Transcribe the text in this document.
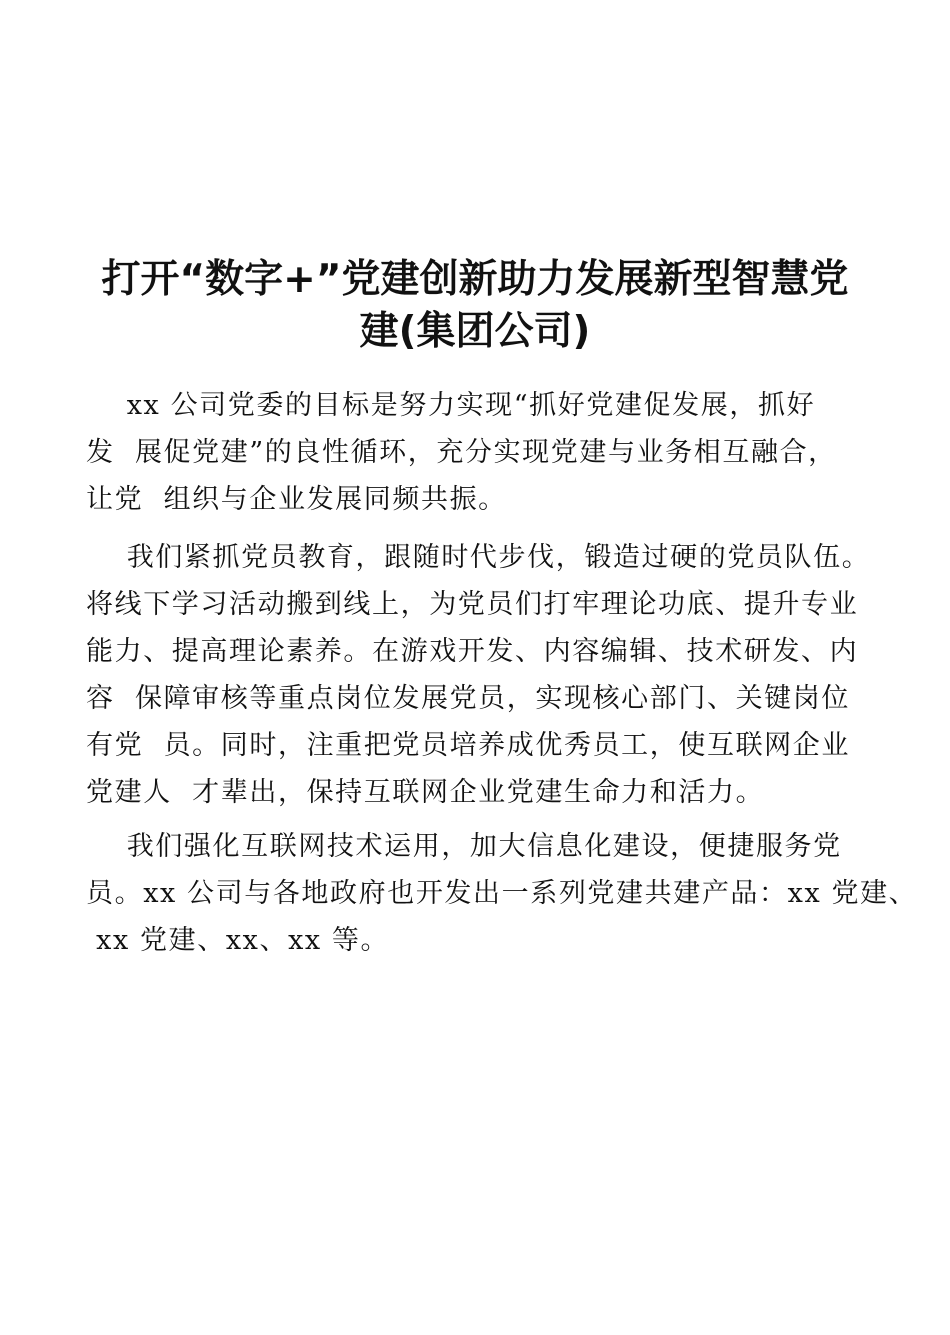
打开“数字+”党建创新助力发展新型智慧党
建(集团公司)

xx 公司党委的目标是努力实现“抓好党建促发展，抓好

发  展促党建”的良性循环，充分实现党建与业务相互融合，

让党  组织与企业发展同频共振。

我们紧抓党员教育，跟随时代步伐，锻造过硬的党员队伍。

将线下学习活动搬到线上，为党员们打牢理论功底、提升专业

能力、提高理论素养。在游戏开发、内容编辑、技术研发、内

容  保障审核等重点岗位发展党员，实现核心部门、关键岗位

有党  员。同时，注重把党员培养成优秀员工，使互联网企业

党建人  才辈出，保持互联网企业党建生命力和活力。

我们强化互联网技术运用，加大信息化建设，便捷服务党

员。xx 公司与各地政府也开发出一系列党建共建产品：xx 党建、

xx 党建、xx、xx 等。
